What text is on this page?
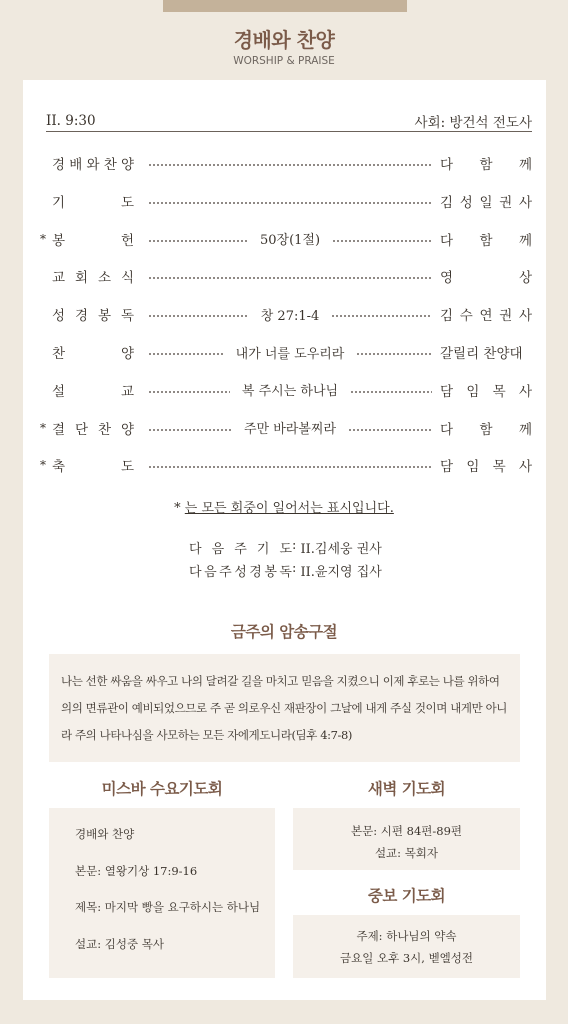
경배와 찬양
WORSHIP & PRAISE
II. 9:30	사회: 방건석 전도사
경 배 와 찬 양	다 함 께
기	도	김 성 일 권 사
* 봉	헌	50장(1절)	다 함 께
교 회 소 식	영	상
성 경 봉 독	창 27:1-4	김 수 연 권 사
찬	양	내가 너를 도우리라	갈릴리 찬양대
설	교	복 주시는 하나님	담 임 목 사
* 결 단 찬 양	주만 바라볼찌라	다 함 께
* 축	도	담 임 목 사
* 는 모든 회중이 일어서는 표시입니다.
다 음 주 기 도 : II.김세웅 권사
다 음 주 성 경 봉 독 : II.윤지영 집사
금주의 암송구절
나는 선한 싸움을 싸우고 나의 달려갈 길을 마치고 믿음을 지켰으니 이제 후로는 나를 위하여 의의 면류관이 예비되었으므로 주 곧 의로우신 재판장이 그날에 내게 주실 것이며 내게만 아니라 주의 나타나심을 사모하는 모든 자에게도니라(딤후 4:7-8)
미스바 수요기도회
경배와 찬양
본문: 열왕기상 17:9-16
제목: 마지막 빵을 요구하시는 하나님
설교: 김성중 목사
새벽 기도회
본문: 시편 84편-89편
설교: 목회자
중보 기도회
주제: 하나님의 약속
금요일 오후 3시, 벧엘성전
